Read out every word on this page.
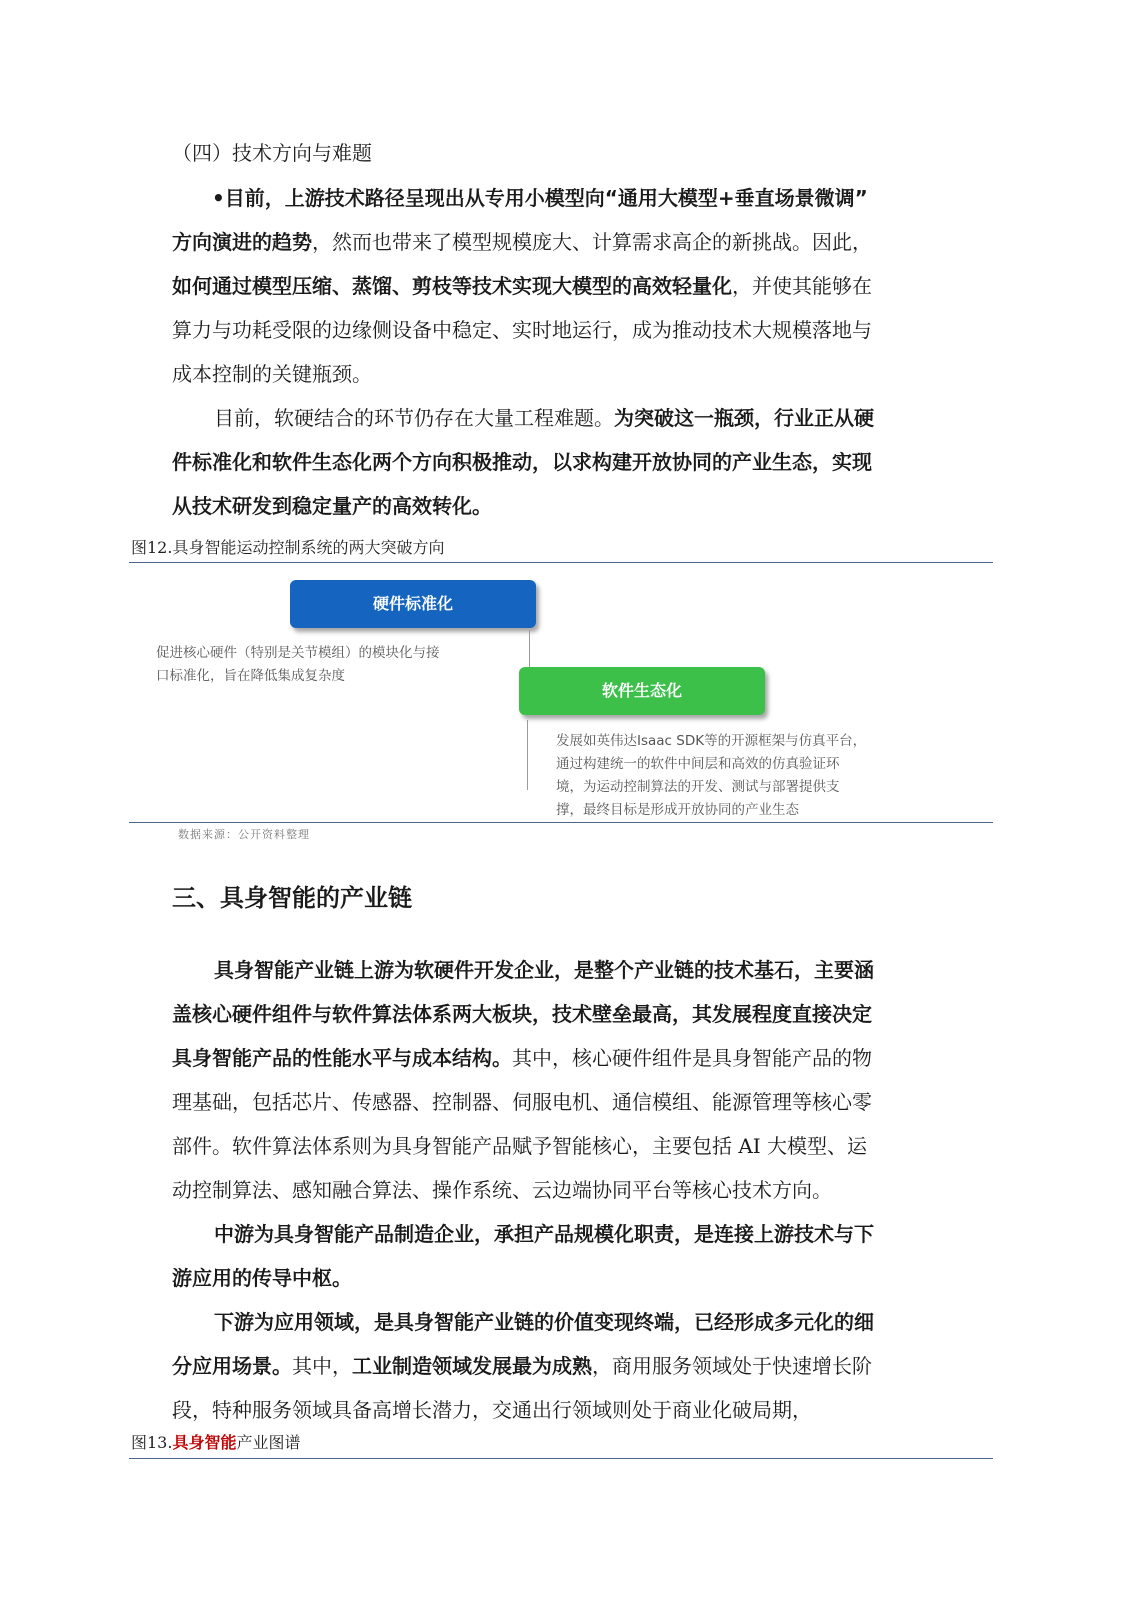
（四）技术方向与难题
•目前，上游技术路径呈现出从专用小模型向“通用大模型+垂直场景微调”
方向演进的趋势，然而也带来了模型规模庞大、计算需求高企的新挑战。因此，
如何通过模型压缩、蒸馏、剪枝等技术实现大模型的高效轻量化，并使其能够在
算力与功耗受限的边缘侧设备中稳定、实时地运行，成为推动技术大规模落地与
成本控制的关键瓶颈。
目前，软硬结合的环节仍存在大量工程难题。为突破这一瓶颈，行业正从硬
件标准化和软件生态化两个方向积极推动，以求构建开放协同的产业生态，实现
从技术研发到稳定量产的高效转化。
图12.具身智能运动控制系统的两大突破方向
硬件标准化
促进核心硬件（特别是关节模组）的模块化与接
口标准化，旨在降低集成复杂度
软件生态化
发展如英伟达Isaac SDK等的开源框架与仿真平台，
通过构建统一的软件中间层和高效的仿真验证环
境，为运动控制算法的开发、测试与部署提供支
撑，最终目标是形成开放协同的产业生态
数据来源：公开资料整理
三、具身智能的产业链
具身智能产业链上游为软硬件开发企业，是整个产业链的技术基石，主要涵
盖核心硬件组件与软件算法体系两大板块，技术壁垒最高，其发展程度直接决定
具身智能产品的性能水平与成本结构。其中，核心硬件组件是具身智能产品的物
理基础，包括芯片、传感器、控制器、伺服电机、通信模组、能源管理等核心零
部件。软件算法体系则为具身智能产品赋予智能核心，主要包括 AI 大模型、运
动控制算法、感知融合算法、操作系统、云边端协同平台等核心技术方向。
中游为具身智能产品制造企业，承担产品规模化职责，是连接上游技术与下
游应用的传导中枢。
下游为应用领域，是具身智能产业链的价值变现终端，已经形成多元化的细
分应用场景。其中，工业制造领域发展最为成熟，商用服务领域处于快速增长阶
段，特种服务领域具备高增长潜力，交通出行领域则处于商业化破局期，
图13.具身智能产业图谱
